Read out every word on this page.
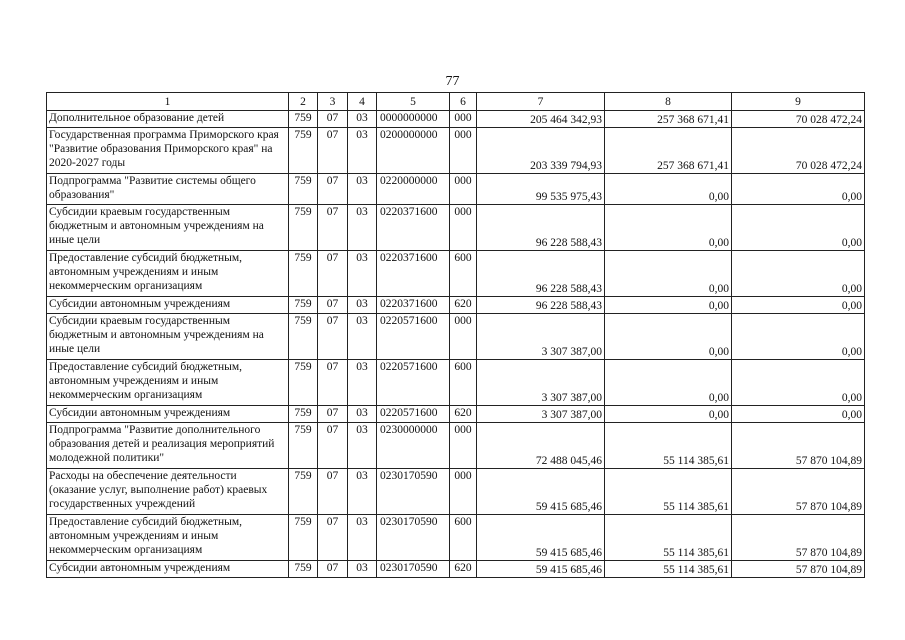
77
1	2	3	4	5	6	7	8	9
Дополнительное образование детей	759	07	03	0000000000	000	205 464 342,93	257 368 671,41	70 028 472,24
Государственная программа Приморского края "Развитие образования Приморского края" на 2020-2027 годы	759	07	03	0200000000	000	203 339 794,93	257 368 671,41	70 028 472,24
Подпрограмма "Развитие системы общего образования"	759	07	03	0220000000	000	99 535 975,43	0,00	0,00
Субсидии краевым государственным бюджетным и автономным учреждениям на иные цели	759	07	03	0220371600	000	96 228 588,43	0,00	0,00
Предоставление субсидий бюджетным, автономным учреждениям и иным некоммерческим организациям	759	07	03	0220371600	600	96 228 588,43	0,00	0,00
Субсидии автономным учреждениям	759	07	03	0220371600	620	96 228 588,43	0,00	0,00
Субсидии краевым государственным бюджетным и автономным учреждениям на иные цели	759	07	03	0220571600	000	3 307 387,00	0,00	0,00
Предоставление субсидий бюджетным, автономным учреждениям и иным некоммерческим организациям	759	07	03	0220571600	600	3 307 387,00	0,00	0,00
Субсидии автономным учреждениям	759	07	03	0220571600	620	3 307 387,00	0,00	0,00
Подпрограмма "Развитие дополнительного образования детей и реализация мероприятий молодежной политики"	759	07	03	0230000000	000	72 488 045,46	55 114 385,61	57 870 104,89
Расходы на обеспечение деятельности (оказание услуг, выполнение работ) краевых государственных учреждений	759	07	03	0230170590	000	59 415 685,46	55 114 385,61	57 870 104,89
Предоставление субсидий бюджетным, автономным учреждениям и иным некоммерческим организациям	759	07	03	0230170590	600	59 415 685,46	55 114 385,61	57 870 104,89
Субсидии автономным учреждениям	759	07	03	0230170590	620	59 415 685,46	55 114 385,61	57 870 104,89
